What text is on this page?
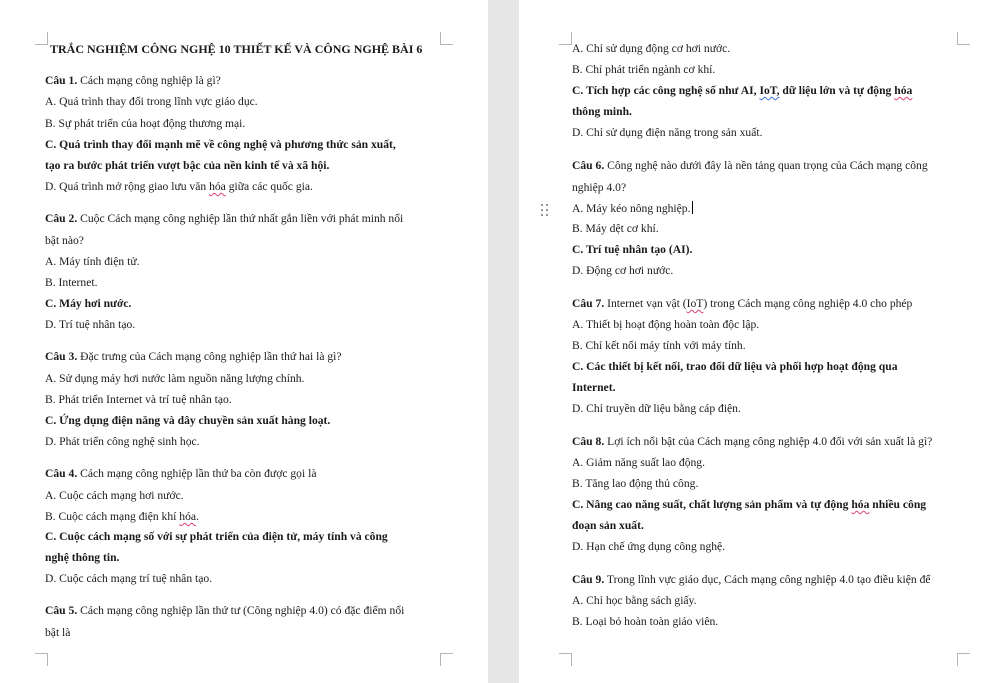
TRẮC NGHIỆM CÔNG NGHỆ 10 THIẾT KẾ VÀ CÔNG NGHỆ BÀI 6
Câu 1. Cách mạng công nghiệp là gì?
A. Quá trình thay đổi trong lĩnh vực giáo dục.
B. Sự phát triển của hoạt động thương mại.
C. Quá trình thay đổi mạnh mẽ về công nghệ và phương thức sản xuất,
tạo ra bước phát triển vượt bậc của nền kinh tế và xã hội.
D. Quá trình mở rộng giao lưu văn hóa giữa các quốc gia.
Câu 2. Cuộc Cách mạng công nghiệp lần thứ nhất gắn liền với phát minh nổi
bật nào?
A. Máy tính điện tử.
B. Internet.
C. Máy hơi nước.
D. Trí tuệ nhân tạo.
Câu 3. Đặc trưng của Cách mạng công nghiệp lần thứ hai là gì?
A. Sử dụng máy hơi nước làm nguồn năng lượng chính.
B. Phát triển Internet và trí tuệ nhân tạo.
C. Ứng dụng điện năng và dây chuyền sản xuất hàng loạt.
D. Phát triển công nghệ sinh học.
Câu 4. Cách mạng công nghiệp lần thứ ba còn được gọi là
A. Cuộc cách mạng hơi nước.
B. Cuộc cách mạng điện khí hóa.
C. Cuộc cách mạng số với sự phát triển của điện tử, máy tính và công
nghệ thông tin.
D. Cuộc cách mạng trí tuệ nhân tạo.
Câu 5. Cách mạng công nghiệp lần thứ tư (Công nghiệp 4.0) có đặc điểm nổi
bật là
A. Chỉ sử dụng động cơ hơi nước.
B. Chỉ phát triển ngành cơ khí.
C. Tích hợp các công nghệ số như AI, IoT, dữ liệu lớn và tự động hóa
thông minh.
D. Chỉ sử dụng điện năng trong sản xuất.
Câu 6. Công nghệ nào dưới đây là nền tảng quan trọng của Cách mạng công
nghiệp 4.0?
A. Máy kéo nông nghiệp.
B. Máy dệt cơ khí.
C. Trí tuệ nhân tạo (AI).
D. Động cơ hơi nước.
Câu 7. Internet vạn vật (IoT) trong Cách mạng công nghiệp 4.0 cho phép
A. Thiết bị hoạt động hoàn toàn độc lập.
B. Chỉ kết nối máy tính với máy tính.
C. Các thiết bị kết nối, trao đổi dữ liệu và phối hợp hoạt động qua
Internet.
D. Chỉ truyền dữ liệu bằng cáp điện.
Câu 8. Lợi ích nổi bật của Cách mạng công nghiệp 4.0 đối với sản xuất là gì?
A. Giảm năng suất lao động.
B. Tăng lao động thủ công.
C. Nâng cao năng suất, chất lượng sản phẩm và tự động hóa nhiều công
đoạn sản xuất.
D. Hạn chế ứng dụng công nghệ.
Câu 9. Trong lĩnh vực giáo dục, Cách mạng công nghiệp 4.0 tạo điều kiện để
A. Chỉ học bằng sách giấy.
B. Loại bỏ hoàn toàn giáo viên.
